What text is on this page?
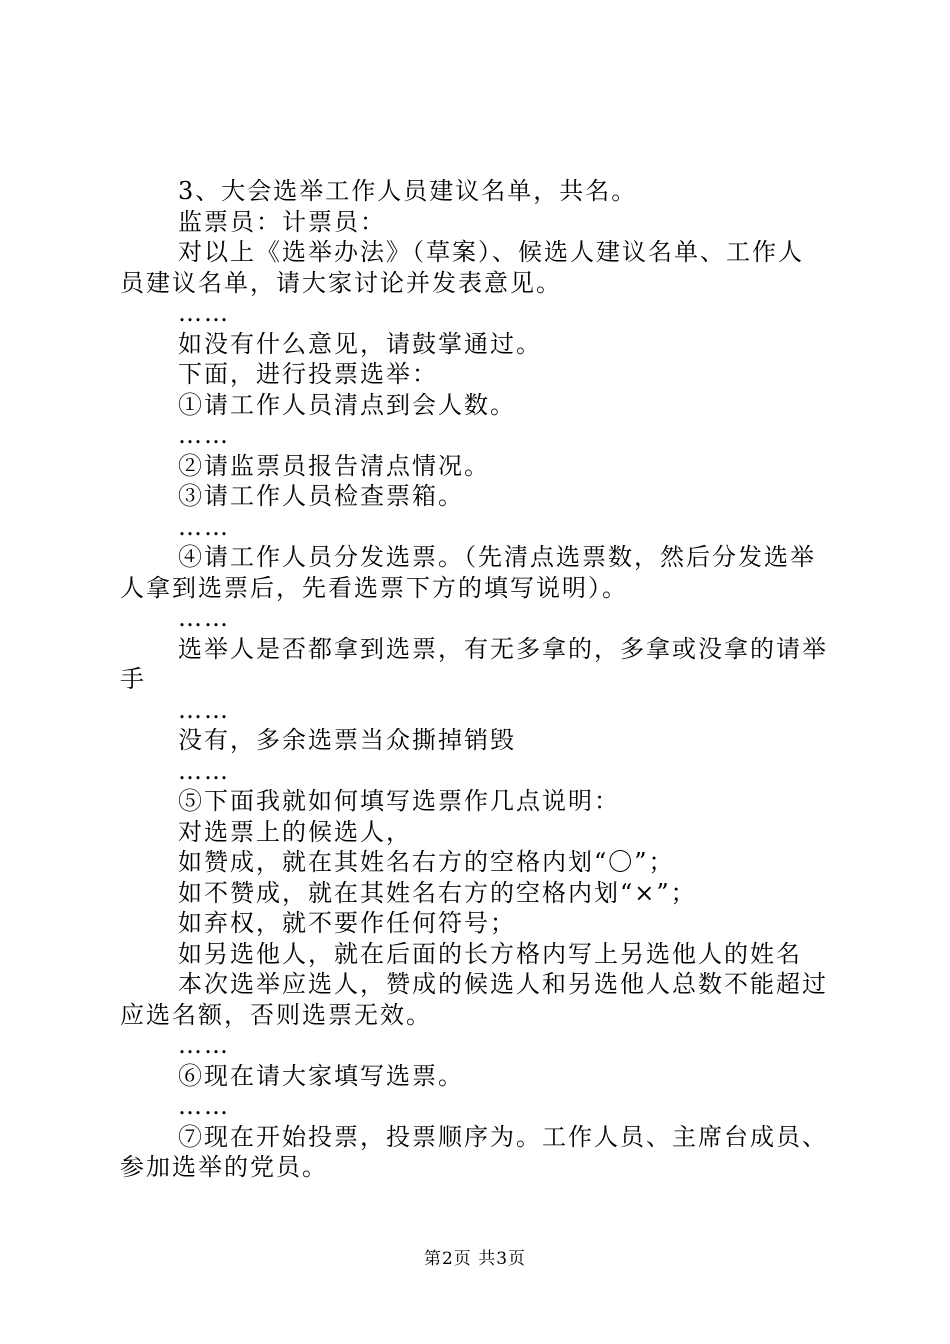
3、大会选举工作人员建议名单，共名。
监票员：计票员：
对以上《选举办法》（草案）、候选人建议名单、工作人
员建议名单，请大家讨论并发表意见。
……
如没有什么意见，请鼓掌通过。
下面，进行投票选举：
①请工作人员清点到会人数。
……
②请监票员报告清点情况。
③请工作人员检查票箱。
……
④请工作人员分发选票。（先清点选票数，然后分发选举
人拿到选票后，先看选票下方的填写说明）。
……
选举人是否都拿到选票，有无多拿的，多拿或没拿的请举
手
……
没有，多余选票当众撕掉销毁
……
⑤下面我就如何填写选票作几点说明：
对选票上的候选人，
如赞成，就在其姓名右方的空格内划“〇”；
如不赞成，就在其姓名右方的空格内划“×”；
如弃权，就不要作任何符号；
如另选他人，就在后面的长方格内写上另选他人的姓名
本次选举应选人，赞成的候选人和另选他人总数不能超过
应选名额，否则选票无效。
……
⑥现在请大家填写选票。
……
⑦现在开始投票，投票顺序为。工作人员、主席台成员、
参加选举的党员。
第2页 共3页
